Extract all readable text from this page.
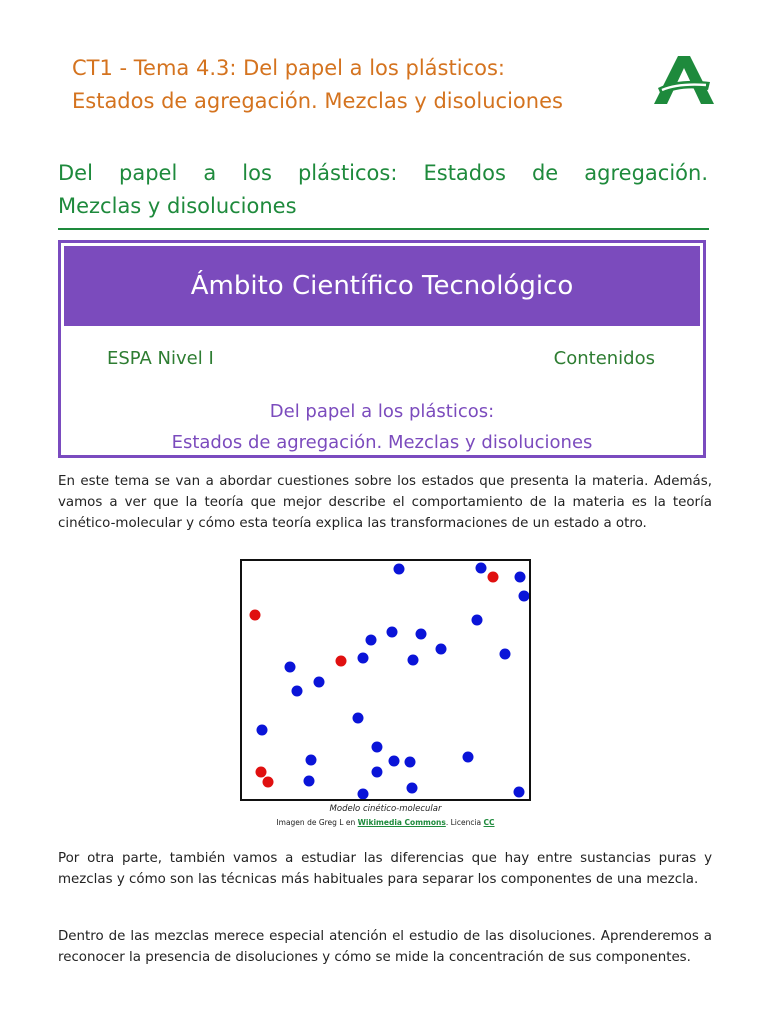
CT1 - Tema 4.3: Del papel a los plásticos:
Estados de agregación. Mezclas y disoluciones
Del papel a los plásticos: Estados de agregación.
Mezclas y disoluciones
Ámbito Científico Tecnológico
ESPA Nivel I	Contenidos
Del papel a los plásticos:
Estados de agregación. Mezclas y disoluciones

En este tema se van a abordar cuestiones sobre los estados que presenta la materia. Además, vamos a ver que la teoría que mejor describe el comportamiento de la materia es la teoría cinético-molecular y cómo esta teoría explica las transformaciones de un estado a otro.

Modelo cinético-molecular
Imagen de Greg L en Wikimedia Commons. Licencia CC

Por otra parte, también vamos a estudiar las diferencias que hay entre sustancias puras y mezclas y cómo son las técnicas más habituales para separar los componentes de una mezcla.

Dentro de las mezclas merece especial atención el estudio de las disoluciones. Aprenderemos a reconocer la presencia de disoluciones y cómo se mide la concentración de sus componentes.
